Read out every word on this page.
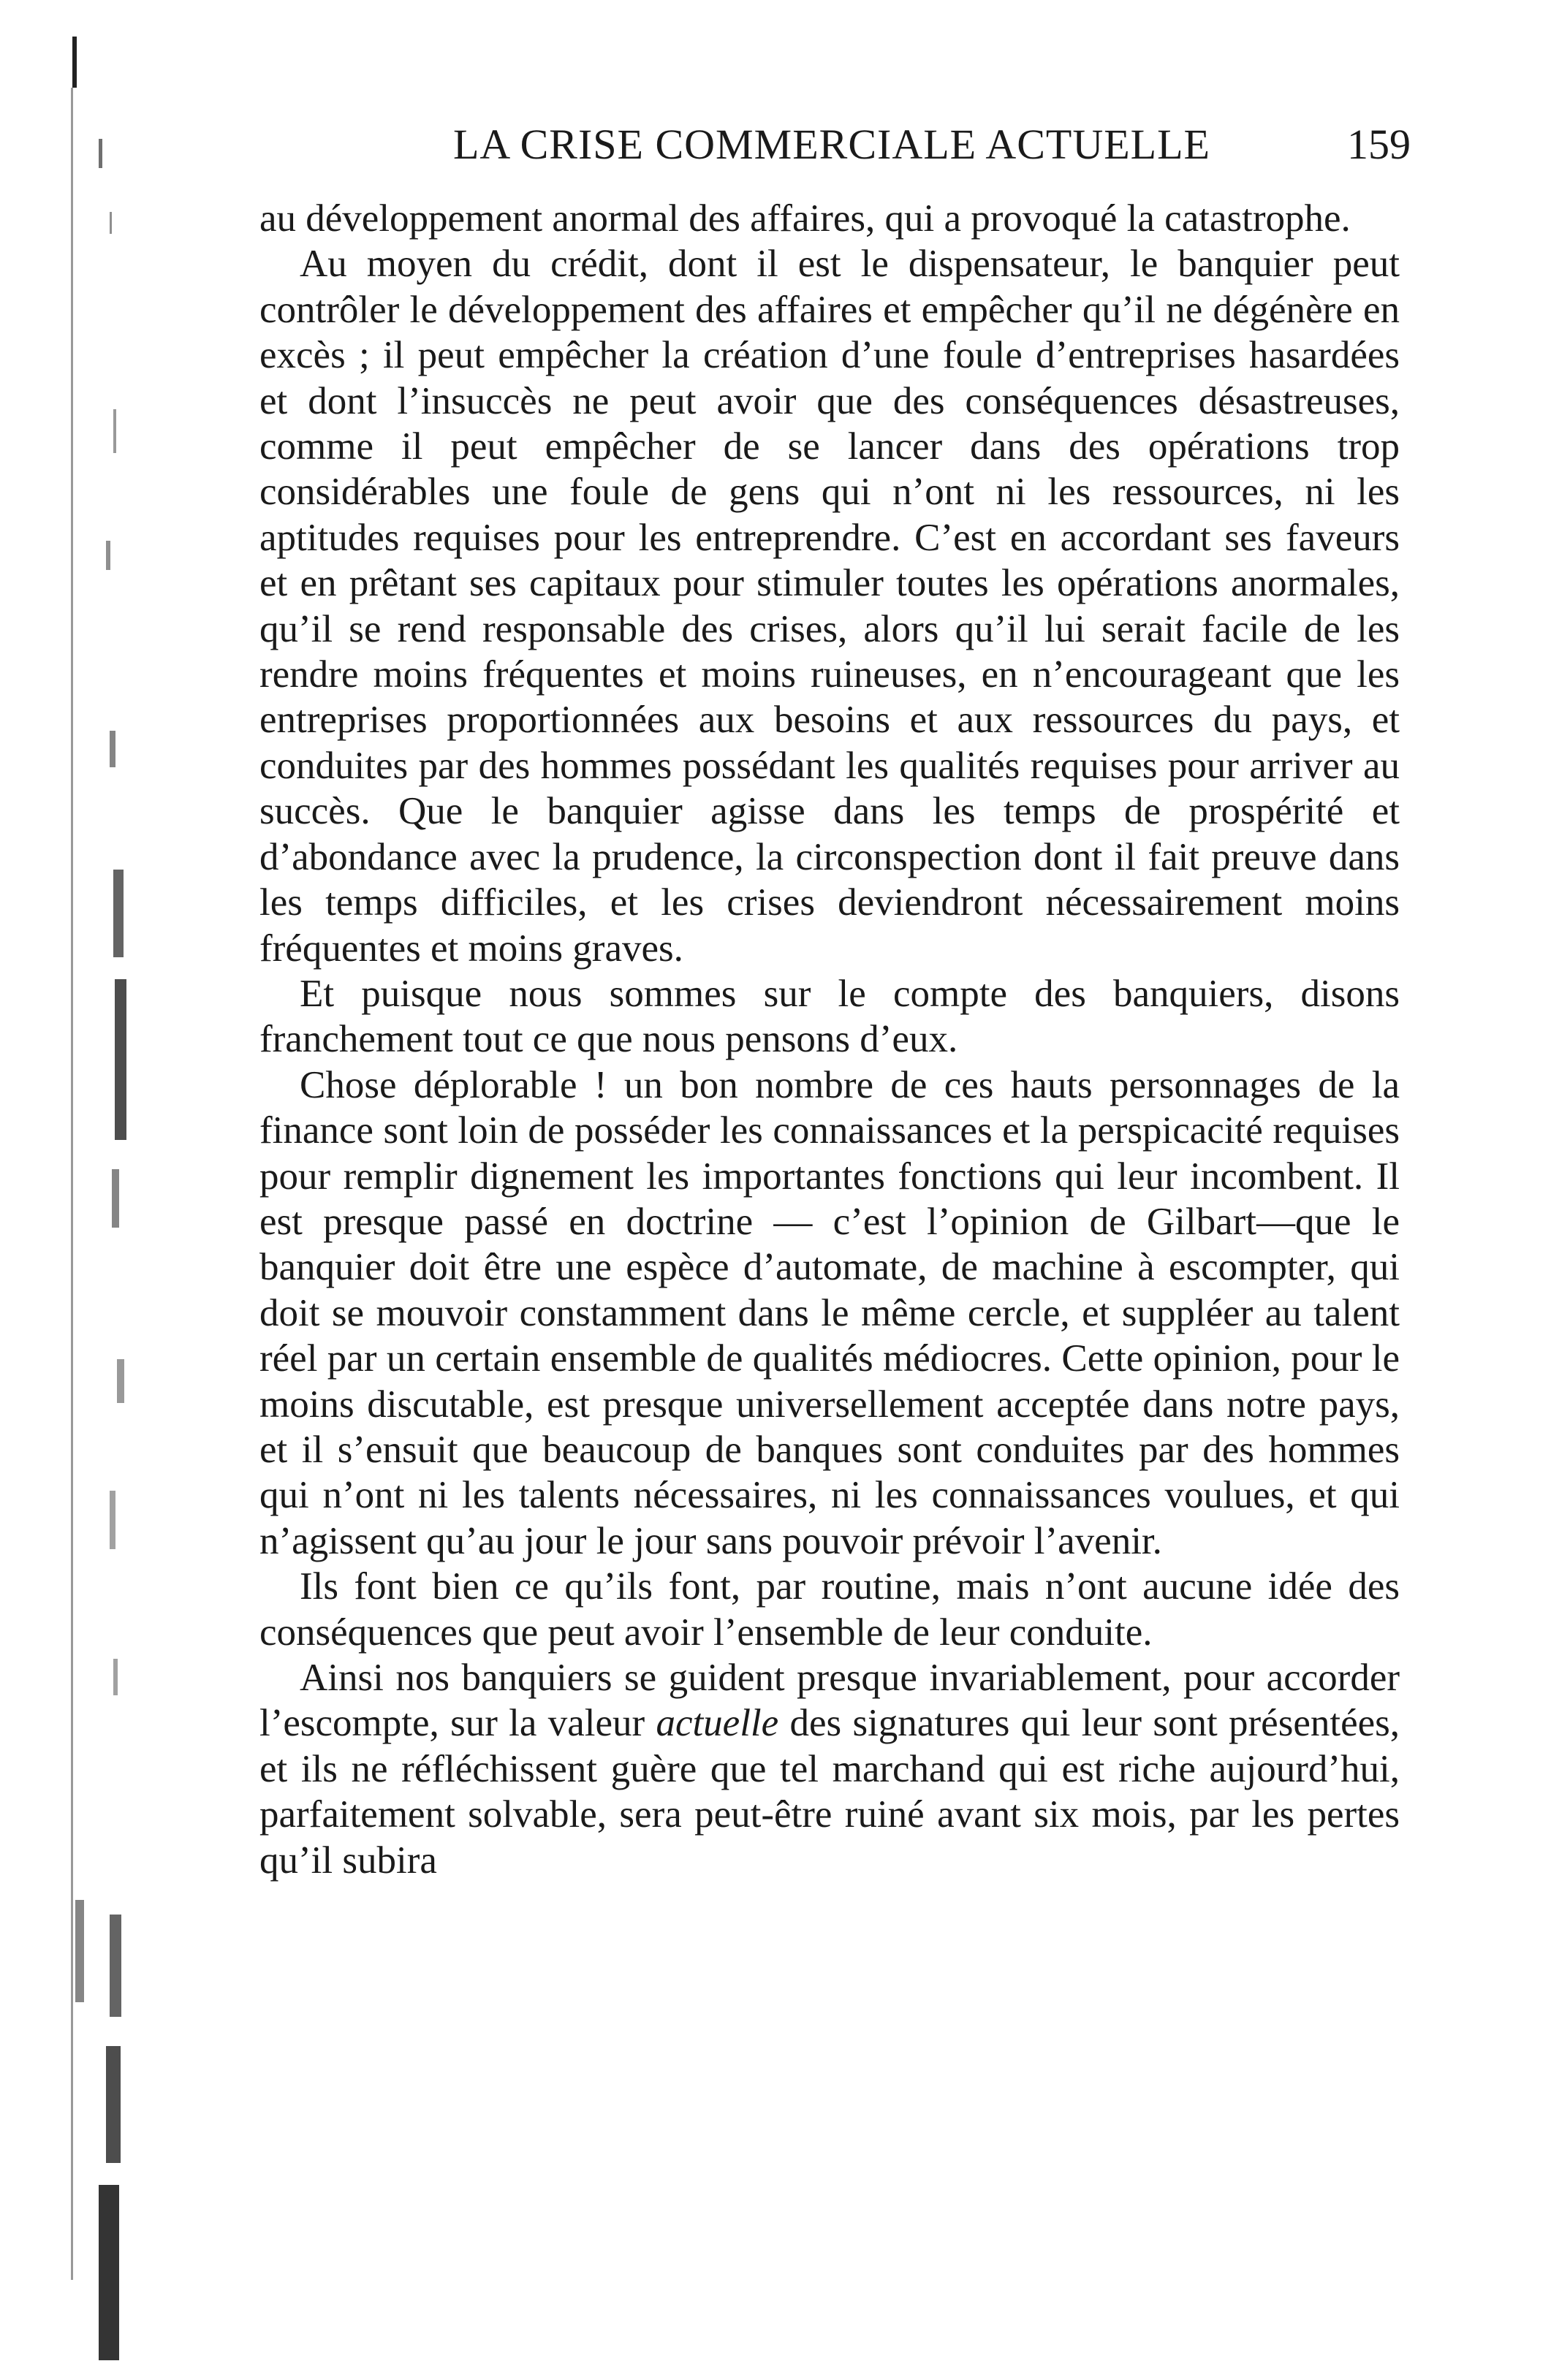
LA CRISE COMMERCIALE ACTUELLE	159

au développement anormal des affaires, qui a provoqué la catastrophe.

Au moyen du crédit, dont il est le dispensateur, le banquier peut contrôler le développement des affaires et empêcher qu’il ne dégénère en excès ; il peut empêcher la création d’une foule d’entreprises hasardées et dont l’insuccès ne peut avoir que des conséquences désastreuses, comme il peut empêcher de se lancer dans des opérations trop considérables une foule de gens qui n’ont ni les ressources, ni les aptitudes requises pour les entreprendre. C’est en accordant ses faveurs et en prêtant ses capitaux pour stimuler toutes les opérations anormales, qu’il se rend responsable des crises, alors qu’il lui serait facile de les rendre moins fréquentes et moins ruineuses, en n’encourageant que les entreprises proportionnées aux besoins et aux ressources du pays, et conduites par des hommes possédant les qualités requises pour arriver au succès. Que le banquier agisse dans les temps de prospérité et d’abondance avec la prudence, la circonspection dont il fait preuve dans les temps difficiles, et les crises deviendront nécessairement moins fréquentes et moins graves.

Et puisque nous sommes sur le compte des banquiers, disons franchement tout ce que nous pensons d’eux.

Chose déplorable ! un bon nombre de ces hauts personnages de la finance sont loin de posséder les connaissances et la perspicacité requises pour remplir dignement les importantes fonctions qui leur incombent. Il est presque passé en doctrine — c’est l’opinion de Gilbart—que le banquier doit être une espèce d’automate, de machine à escompter, qui doit se mouvoir constamment dans le même cercle, et suppléer au talent réel par un certain ensemble de qualités médiocres. Cette opinion, pour le moins discutable, est presque universellement acceptée dans notre pays, et il s’ensuit que beaucoup de banques sont conduites par des hommes qui n’ont ni les talents nécessaires, ni les connaissances voulues, et qui n’agissent qu’au jour le jour sans pouvoir prévoir l’avenir.

Ils font bien ce qu’ils font, par routine, mais n’ont aucune idée des conséquences que peut avoir l’ensemble de leur conduite.

Ainsi nos banquiers se guident presque invariablement, pour accorder l’escompte, sur la valeur actuelle des signatures qui leur sont présentées, et ils ne réfléchissent guère que tel marchand qui est riche aujourd’hui, parfaitement solvable, sera peut-être ruiné avant six mois, par les pertes qu’il subira
